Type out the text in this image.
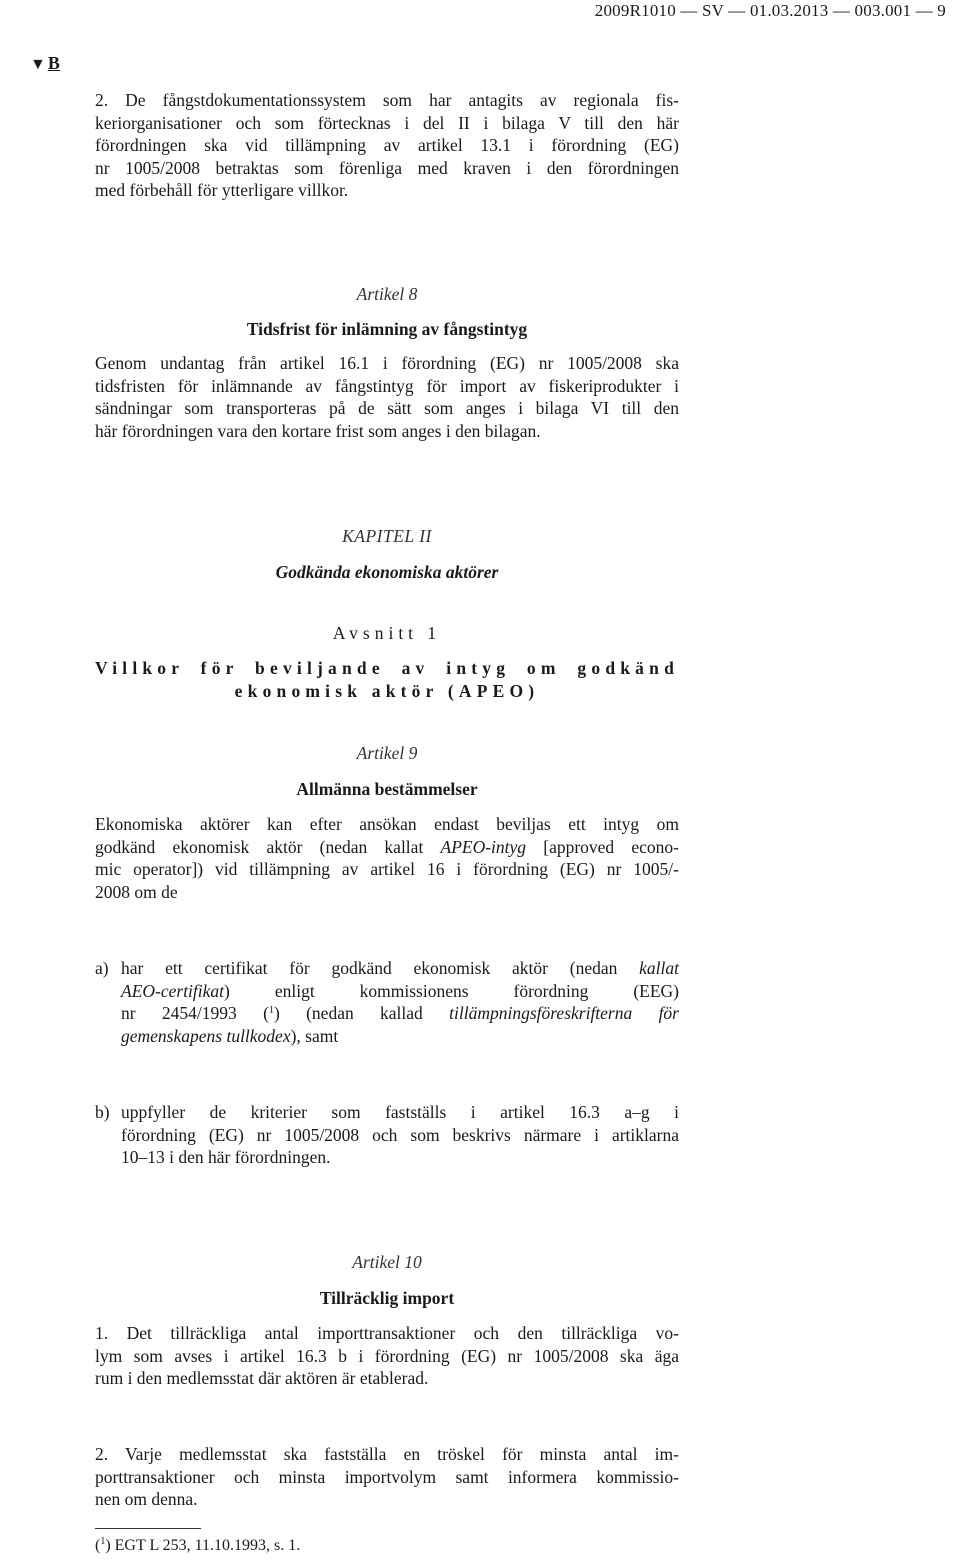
2009R1010 — SV — 01.03.2013 — 003.001 — 9
▼ B
2. De fångstdokumentationssystem som har antagits av regionala fis-
keriorganisationer och som förtecknas i del II i bilaga V till den här
förordningen ska vid tillämpning av artikel 13.1 i förordning (EG)
nr 1005/2008 betraktas som förenliga med kraven i den förordningen
med förbehåll för ytterligare villkor.
Artikel 8
Tidsfrist för inlämning av fångstintyg
Genom undantag från artikel 16.1 i förordning (EG) nr 1005/2008 ska
tidsfristen för inlämnande av fångstintyg för import av fiskeriprodukter i
sändningar som transporteras på de sätt som anges i bilaga VI till den
här förordningen vara den kortare frist som anges i den bilagan.
KAPITEL II
Godkända ekonomiska aktörer
Avsnitt 1
Villkor för beviljande av intyg om godkänd
ekonomisk aktör (APEO)
Artikel 9
Allmänna bestämmelser
Ekonomiska aktörer kan efter ansökan endast beviljas ett intyg om
godkänd ekonomisk aktör (nedan kallat APEO-intyg [approved econo-
mic operator]) vid tillämpning av artikel 16 i förordning (EG) nr 1005/-
2008 om de
a) har ett certifikat för godkänd ekonomisk aktör (nedan kallat
AEO-certifikat) enligt kommissionens förordning (EEG)
nr 2454/1993 ($^1$) (nedan kallad tillämpningsföreskrifterna för
gemenskapens tullkodex), samt
b) uppfyller de kriterier som fastställs i artikel 16.3 a–g i
förordning (EG) nr 1005/2008 och som beskrivs närmare i artiklarna
10–13 i den här förordningen.
Artikel 10
Tillräcklig import
1. Det tillräckliga antal importtransaktioner och den tillräckliga vo-
lym som avses i artikel 16.3 b i förordning (EG) nr 1005/2008 ska äga
rum i den medlemsstat där aktören är etablerad.
2. Varje medlemsstat ska fastställa en tröskel för minsta antal im-
porttransaktioner och minsta importvolym samt informera kommissio-
nen om denna.
($^1$) EGT L 253, 11.10.1993, s. 1.
